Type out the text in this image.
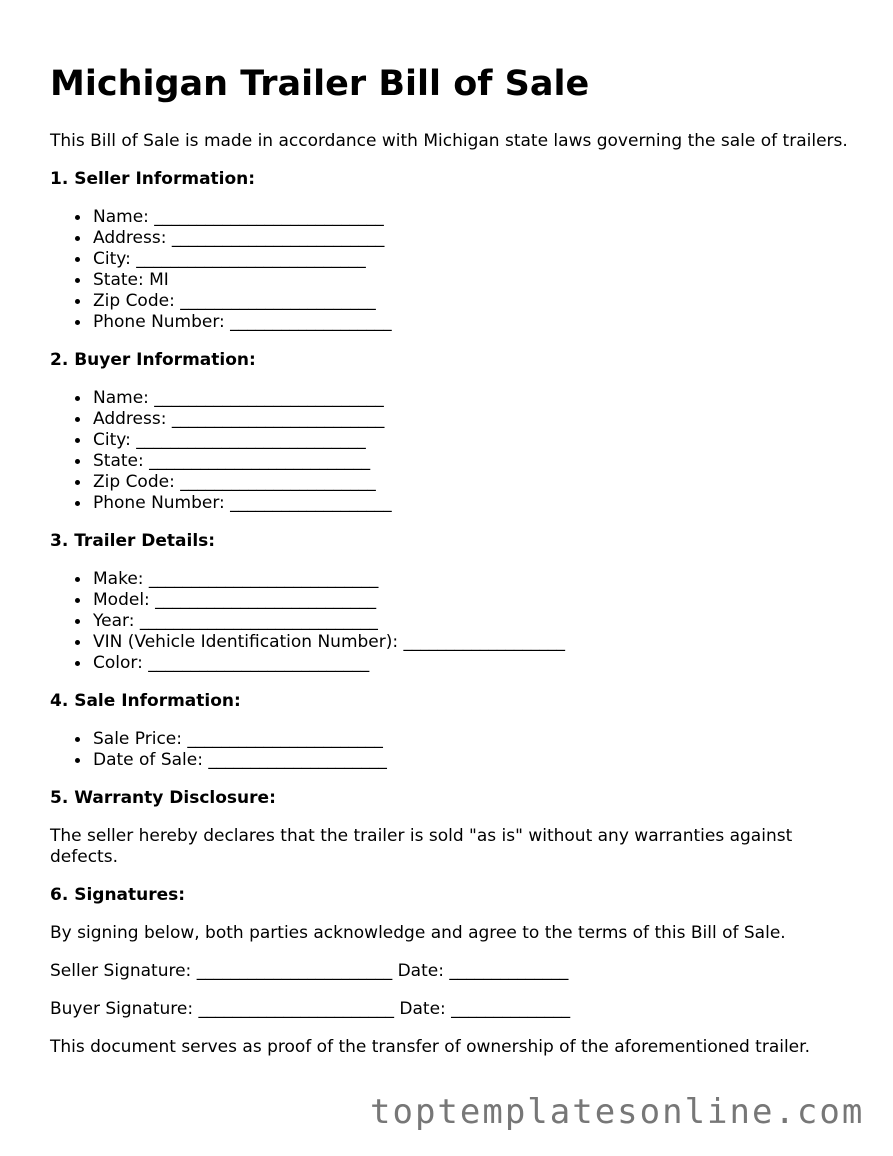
Michigan Trailer Bill of Sale

This Bill of Sale is made in accordance with Michigan state laws governing the sale of trailers.

1. Seller Information:
Name: ___________________________
Address: _________________________
City: ___________________________
State: MI
Zip Code: _______________________
Phone Number: ___________________
2. Buyer Information:
Name: ___________________________
Address: _________________________
City: ___________________________
State: __________________________
Zip Code: _______________________
Phone Number: ___________________
3. Trailer Details:
Make: ___________________________
Model: __________________________
Year: ____________________________
VIN (Vehicle Identification Number): ___________________
Color: __________________________
4. Sale Information:
Sale Price: _______________________
Date of Sale: _____________________
5. Warranty Disclosure:

The seller hereby declares that the trailer is sold "as is" without any warranties against defects.

6. Signatures:

By signing below, both parties acknowledge and agree to the terms of this Bill of Sale.

Seller Signature: _______________________ Date: ______________

Buyer Signature: _______________________ Date: ______________

This document serves as proof of the transfer of ownership of the aforementioned trailer.

toptemplatesonline.com
